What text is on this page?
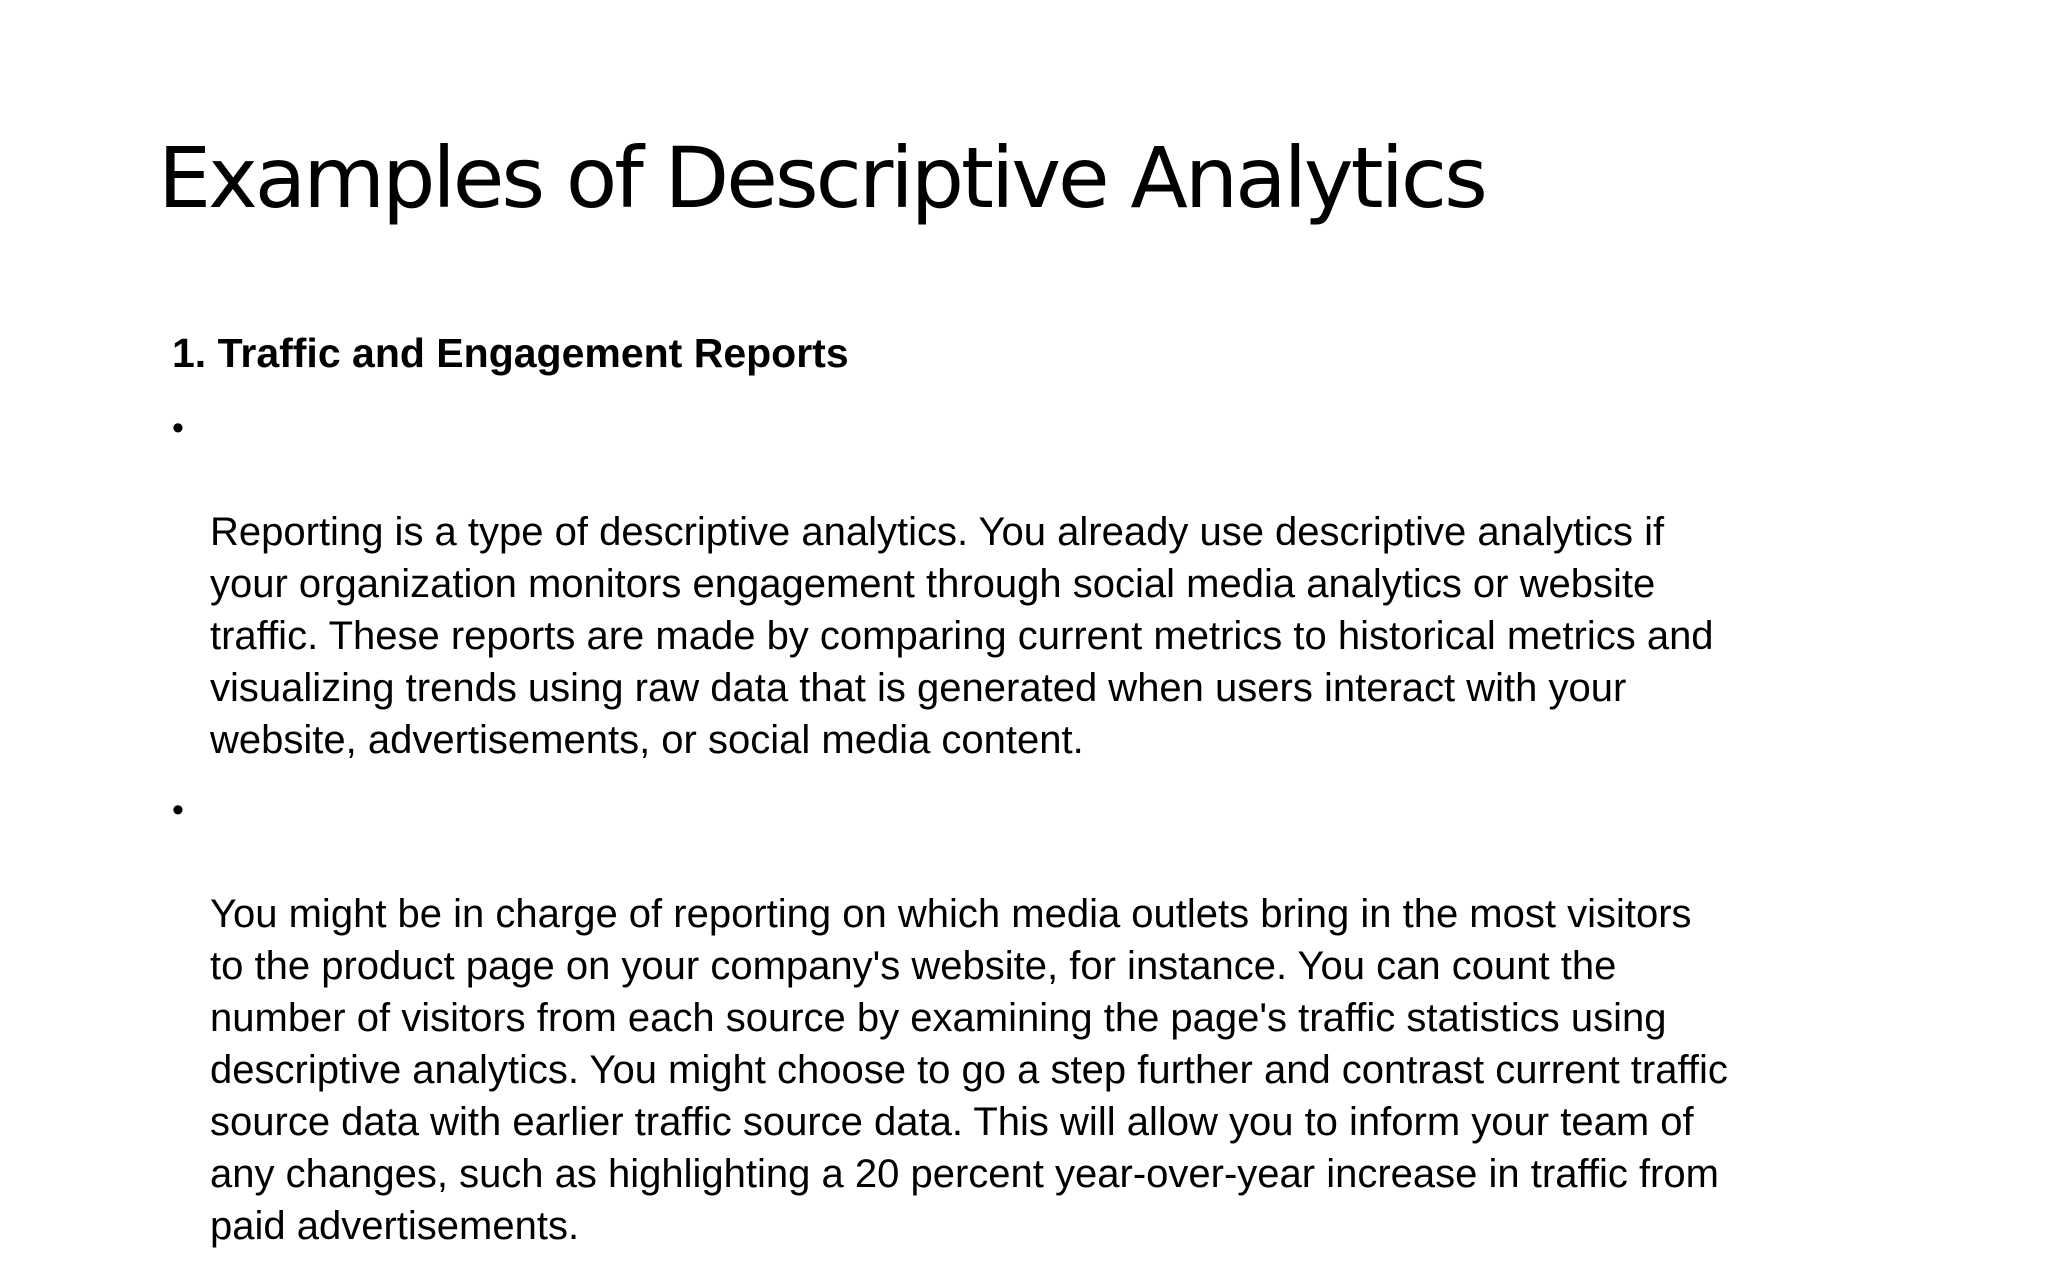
Examples of Descriptive Analytics
1. Traffic and Engagement Reports

•

Reporting is a type of descriptive analytics. You already use descriptive analytics if
your organization monitors engagement through social media analytics or website
traffic. These reports are made by comparing current metrics to historical metrics and
visualizing trends using raw data that is generated when users interact with your
website, advertisements, or social media content.

•

You might be in charge of reporting on which media outlets bring in the most visitors
to the product page on your company's website, for instance. You can count the
number of visitors from each source by examining the page's traffic statistics using
descriptive analytics. You might choose to go a step further and contrast current traffic
source data with earlier traffic source data. This will allow you to inform your team of
any changes, such as highlighting a 20 percent year-over-year increase in traffic from
paid advertisements.
